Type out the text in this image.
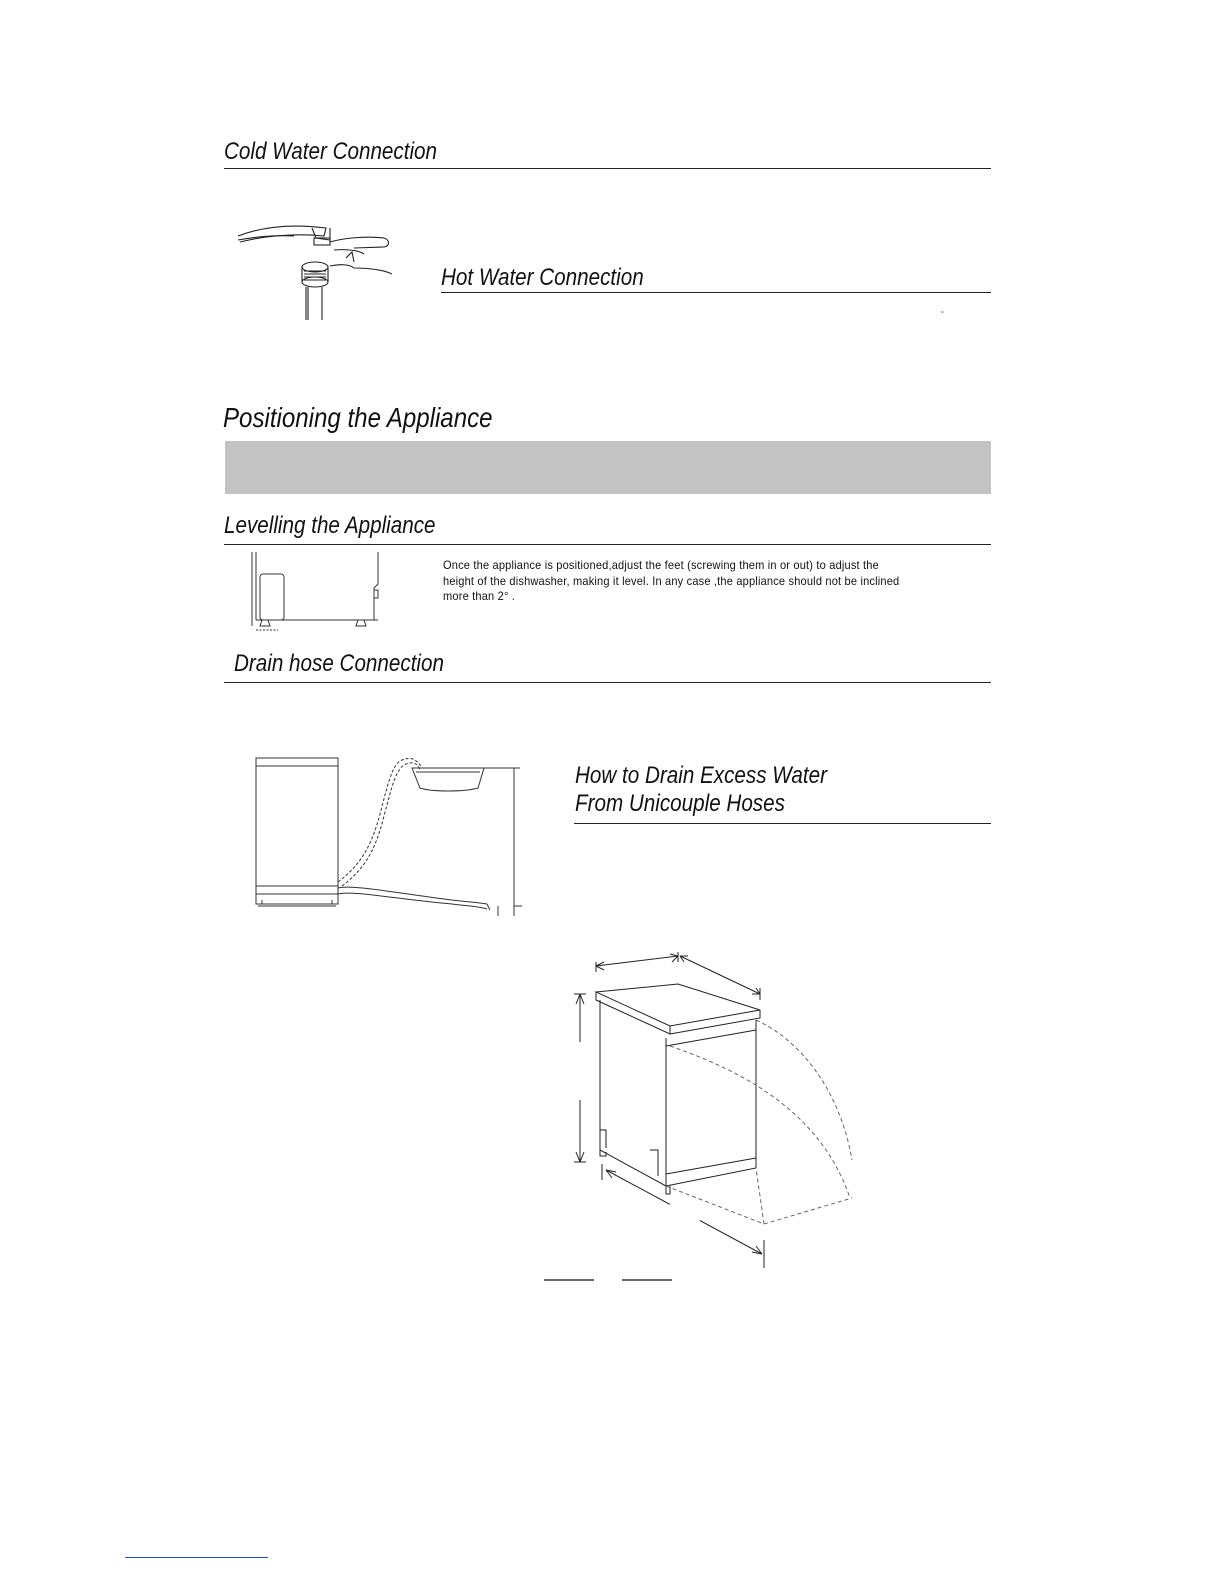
Cold Water Connection
Hot Water Connection
°
Positioning the Appliance
Levelling the Appliance
Once the appliance is positioned,adjust the feet (screwing them in or out) to adjust the
height of the dishwasher, making it level. In any case ,the appliance should not be inclined
more than 2° .
Drain hose Connection
How to Drain Excess Water
From Unicouple Hoses
